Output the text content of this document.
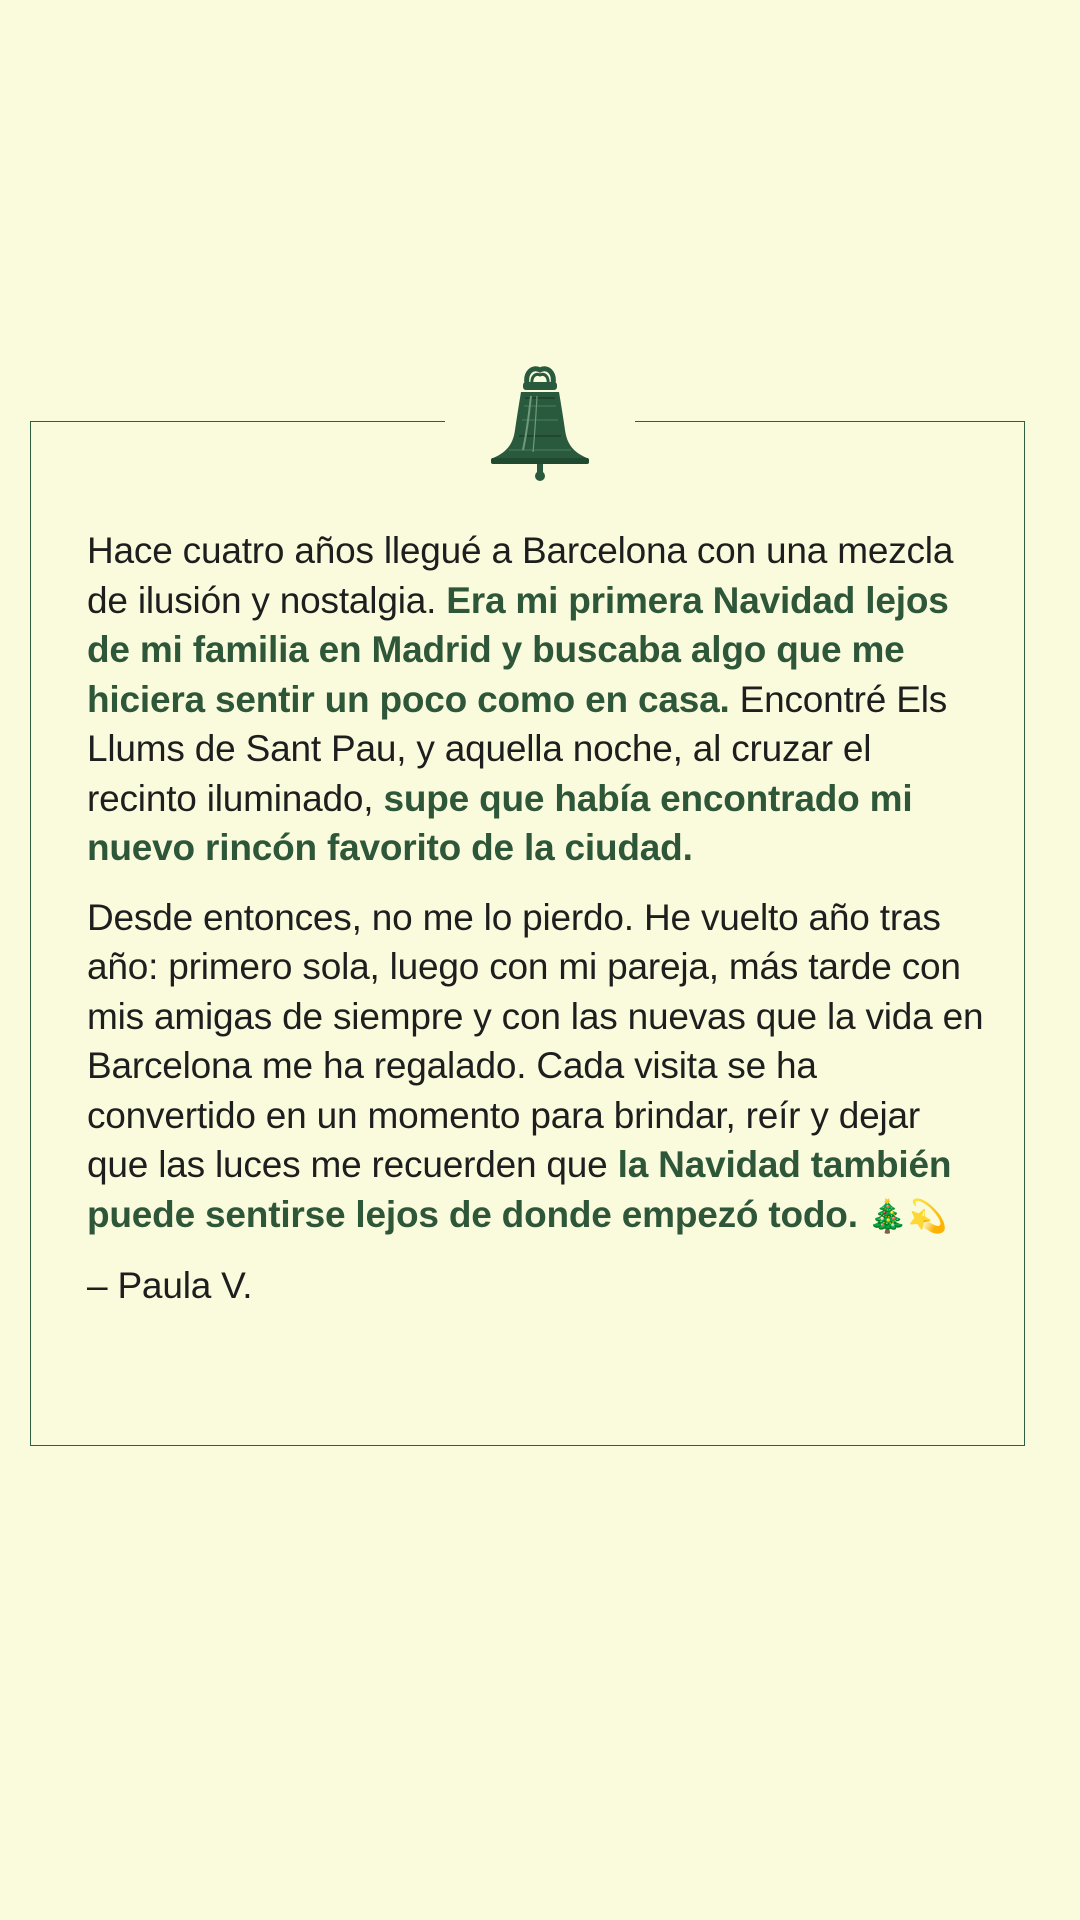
Hace cuatro años llegué a Barcelona con una mezcla de ilusión y nostalgia. Era mi primera Navidad lejos de mi familia en Madrid y buscaba algo que me hiciera sentir un poco como en casa. Encontré Els Llums de Sant Pau, y aquella noche, al cruzar el recinto iluminado, supe que había encontrado mi nuevo rincón favorito de la ciudad.

Desde entonces, no me lo pierdo. He vuelto año tras año: primero sola, luego con mi pareja, más tarde con mis amigas de siempre y con las nuevas que la vida en Barcelona me ha regalado. Cada visita se ha convertido en un momento para brindar, reír y dejar que las luces me recuerden que la Navidad también puede sentirse lejos de donde empezó todo. 🎄💫

– Paula V.
